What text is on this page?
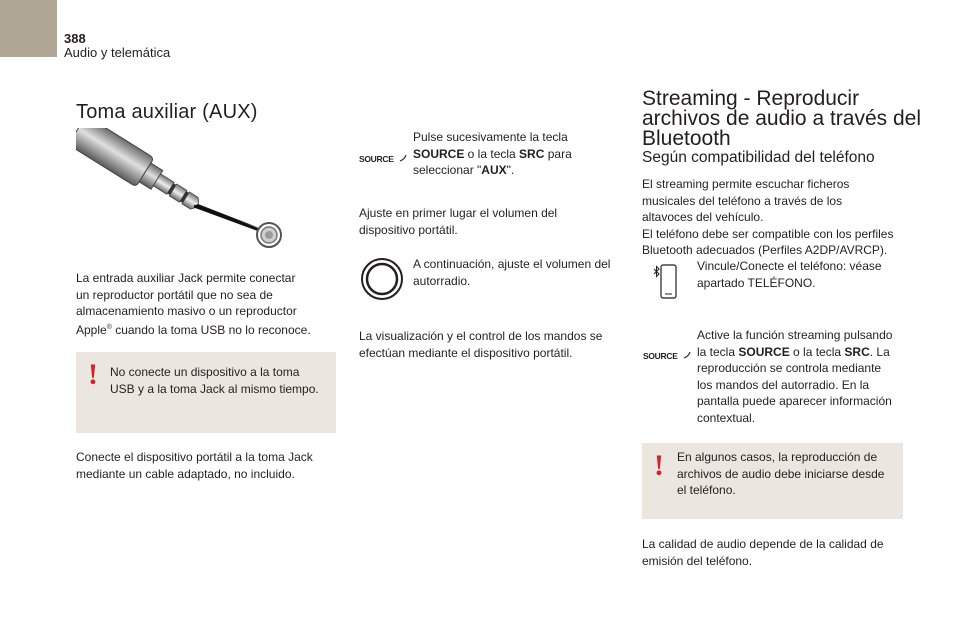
388
Audio y telemática
Toma auxiliar (AUX)
La entrada auxiliar Jack permite conectar
un reproductor portátil que no sea de
almacenamiento masivo o un reproductor
Apple® cuando la toma USB no lo reconoce.
! No conecte un dispositivo a la toma
USB y a la toma Jack al mismo tiempo.
Conecte el dispositivo portátil a la toma Jack
mediante un cable adaptado, no incluido.
SOURCE
Pulse sucesivamente la tecla
SOURCE o la tecla SRC para
seleccionar "AUX".
Ajuste en primer lugar el volumen del
dispositivo portátil.
A continuación, ajuste el volumen del
autorradio.
La visualización y el control de los mandos se
efectúan mediante el dispositivo portátil.
Streaming - Reproducir
archivos de audio a través del
Bluetooth
Según compatibilidad del teléfono
El streaming permite escuchar ficheros
musicales del teléfono a través de los
altavoces del vehículo.
El teléfono debe ser compatible con los perfiles
Bluetooth adecuados (Perfiles A2DP/AVRCP).
Vincule/Conecte el teléfono: véase
apartado TELÉFONO.
SOURCE
Active la función streaming pulsando
la tecla SOURCE o la tecla SRC. La
reproducción se controla mediante
los mandos del autorradio. En la
pantalla puede aparecer información
contextual.
! En algunos casos, la reproducción de
archivos de audio debe iniciarse desde
el teléfono.
La calidad de audio depende de la calidad de
emisión del teléfono.
